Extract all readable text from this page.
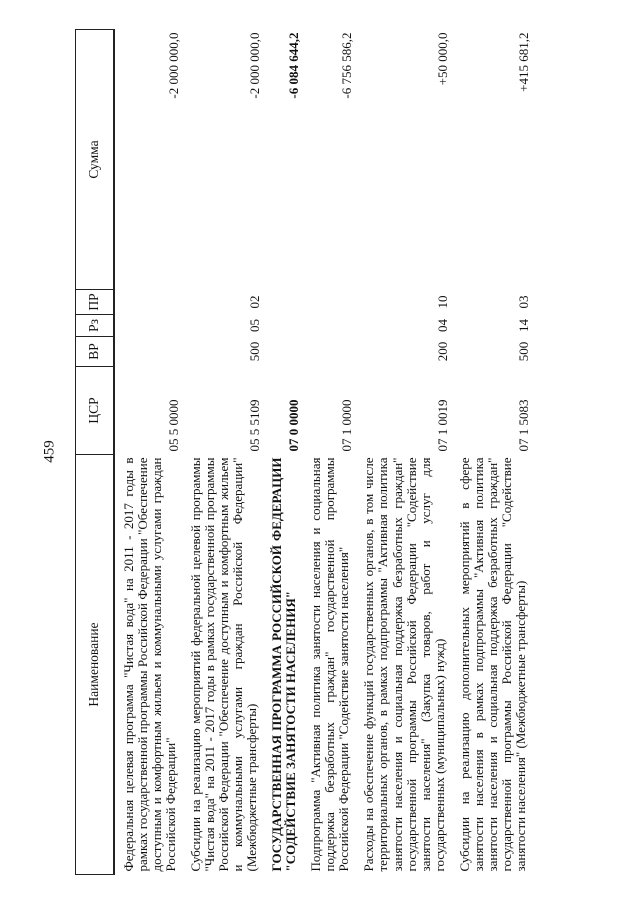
459
Наименование	ЦСР	ВР	Рз	ПР	Сумма
Федеральная целевая программа "Чистая вода" на 2011 - 2017 годы в рамках государственной программы Российской Федерации "Обеспечение доступным и комфортным жильем и коммунальными услугами граждан Российской Федерации"	05 5 0000				-2 000 000,0
Субсидии на реализацию мероприятий федеральной целевой программы "Чистая вода" на 2011 - 2017 годы в рамках государственной программы Российской Федерации "Обеспечение доступным и комфортным жильем и коммунальными услугами граждан Российской Федерации" (Межбюджетные трансферты)	05 5 5109	500	05	02	-2 000 000,0
ГОСУДАРСТВЕННАЯ ПРОГРАММА РОССИЙСКОЙ ФЕДЕРАЦИИ "СОДЕЙСТВИЕ ЗАНЯТОСТИ НАСЕЛЕНИЯ"	07 0 0000				-6 084 644,2
Подпрограмма "Активная политика занятости населения и социальная поддержка безработных граждан" государственной программы Российской Федерации "Содействие занятости населения"	07 1 0000				-6 756 586,2
Расходы на обеспечение функций государственных органов, в том числе территориальных органов, в рамках подпрограммы "Активная политика занятости населения и социальная поддержка безработных граждан" государственной программы Российской Федерации "Содействие занятости населения" (Закупка товаров, работ и услуг для государственных (муниципальных) нужд)	07 1 0019	200	04	10	+50 000,0
Субсидии на реализацию дополнительных мероприятий в сфере занятости населения в рамках подпрограммы "Активная политика занятости населения и социальная поддержка безработных граждан" государственной программы Российской Федерации "Содействие занятости населения" (Межбюджетные трансферты)	07 1 5083	500	14	03	+415 681,2
